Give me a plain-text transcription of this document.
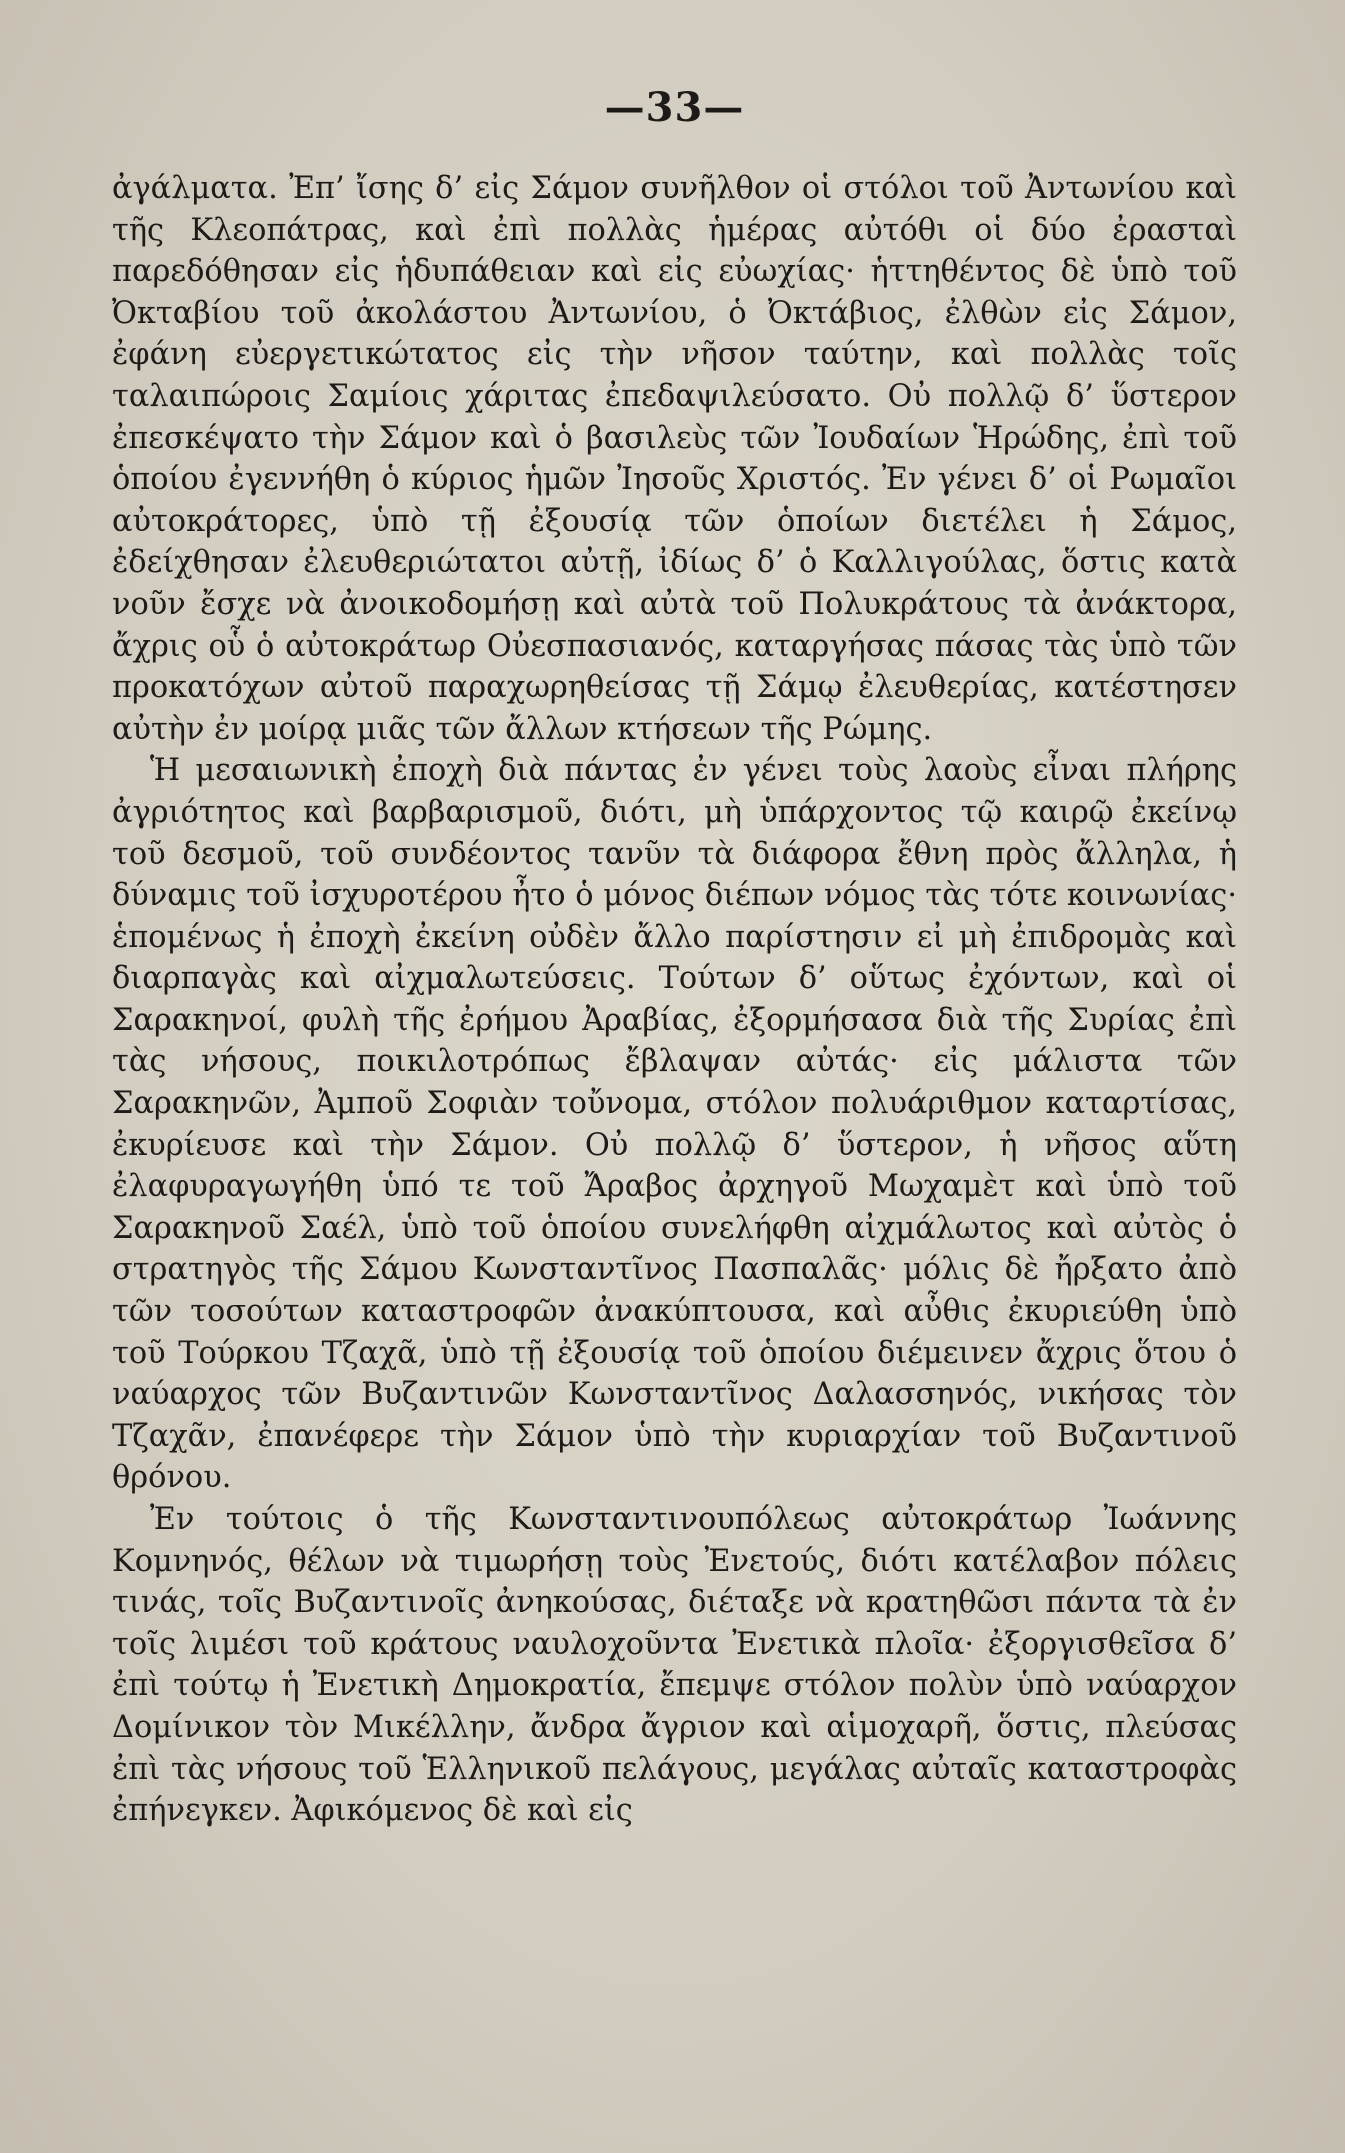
—33—

ἀγάλματα. Ἐπ’ ἴσης δ’ εἰς Σάμον συνῆλθον οἱ στόλοι τοῦ Ἀντωνίου καὶ τῆς Κλεοπάτρας, καὶ ἐπὶ πολλὰς ἡμέρας αὐτόθι οἱ δύο ἐρασταὶ παρεδόθησαν εἰς ἡδυπάθειαν καὶ εἰς εὐωχίας· ἡττηθέντος δὲ ὑπὸ τοῦ Ὀκταβίου τοῦ ἀκολάστου Ἀντωνίου, ὁ Ὀκτάβιος, ἐλθὼν εἰς Σάμον, ἐφάνη εὐεργετικώτατος εἰς τὴν νῆσον ταύτην, καὶ πολλὰς τοῖς ταλαιπώροις Σαμίοις χάριτας ἐπεδαψιλεύσατο. Οὐ πολλῷ δ’ ὕστερον ἐπεσκέψατο τὴν Σάμον καὶ ὁ βασιλεὺς τῶν Ἰουδαίων Ἡρώδης, ἐπὶ τοῦ ὁποίου ἐγεννήθη ὁ κύριος ἡμῶν Ἰησοῦς Χριστός. Ἐν γένει δ’ οἱ Ρωμαῖοι αὐτοκράτορες, ὑπὸ τῇ ἐξουσίᾳ τῶν ὁποίων διετέλει ἡ Σάμος, ἐδείχθησαν ἐλευθεριώτατοι αὐτῇ, ἰδίως δ’ ὁ Καλλιγούλας, ὅστις κατὰ νοῦν ἔσχε νὰ ἀνοικοδομήσῃ καὶ αὐτὰ τοῦ Πολυκράτους τὰ ἀνάκτορα, ἄχρις οὗ ὁ αὐτοκράτωρ Οὐεσπασιανός, καταργήσας πάσας τὰς ὑπὸ τῶν προκατόχων αὐτοῦ παραχωρηθείσας τῇ Σάμῳ ἐλευθερίας, κατέστησεν αὐτὴν ἐν μοίρᾳ μιᾶς τῶν ἄλλων κτήσεων τῆς Ρώμης.

Ἡ μεσαιωνικὴ ἐποχὴ διὰ πάντας ἐν γένει τοὺς λαοὺς εἶναι πλήρης ἀγριότητος καὶ βαρβαρισμοῦ, διότι, μὴ ὑπάρχοντος τῷ καιρῷ ἐκείνῳ τοῦ δεσμοῦ, τοῦ συνδέοντος τανῦν τὰ διάφορα ἔθνη πρὸς ἄλληλα, ἡ δύναμις τοῦ ἰσχυροτέρου ἦτο ὁ μόνος διέπων νόμος τὰς τότε κοινωνίας· ἑπομένως ἡ ἐποχὴ ἐκείνη οὐδὲν ἄλλο παρίστησιν εἰ μὴ ἐπιδρομὰς καὶ διαρπαγὰς καὶ αἰχμαλωτεύσεις. Τούτων δ’ οὕτως ἐχόντων, καὶ οἱ Σαρακηνοί, φυλὴ τῆς ἐρήμου Ἀραβίας, ἐξορμήσασα διὰ τῆς Συρίας ἐπὶ τὰς νήσους, ποικιλοτρόπως ἔβλαψαν αὐτάς· εἰς μάλιστα τῶν Σαρακηνῶν, Ἀμποῦ Σοφιὰν τοὔνομα, στόλον πολυάριθμον καταρτίσας, ἐκυρίευσε καὶ τὴν Σάμον. Οὐ πολλῷ δ’ ὕστερον, ἡ νῆσος αὕτη ἐλαφυραγωγήθη ὑπό τε τοῦ Ἄραβος ἀρχηγοῦ Μωχαμὲτ καὶ ὑπὸ τοῦ Σαρακηνοῦ Σαέλ, ὑπὸ τοῦ ὁποίου συνελήφθη αἰχμάλωτος καὶ αὐτὸς ὁ στρατηγὸς τῆς Σάμου Κωνσταντῖνος Πασπαλᾶς· μόλις δὲ ἤρξατο ἀπὸ τῶν τοσούτων καταστροφῶν ἀνακύπτουσα, καὶ αὖθις ἐκυριεύθη ὑπὸ τοῦ Τούρκου Τζαχᾶ, ὑπὸ τῇ ἐξουσίᾳ τοῦ ὁποίου διέμεινεν ἄχρις ὅτου ὁ ναύαρχος τῶν Βυζαντινῶν Κωνσταντῖνος Δαλασσηνός, νικήσας τὸν Τζαχᾶν, ἐπανέφερε τὴν Σάμον ὑπὸ τὴν κυριαρχίαν τοῦ Βυζαντινοῦ θρόνου.

Ἐν τούτοις ὁ τῆς Κωνσταντινουπόλεως αὐτοκράτωρ Ἰωάννης Κομνηνός, θέλων νὰ τιμωρήσῃ τοὺς Ἐνετούς, διότι κατέλαβον πόλεις τινάς, τοῖς Βυζαντινοῖς ἀνηκούσας, διέταξε νὰ κρατηθῶσι πάντα τὰ ἐν τοῖς λιμέσι τοῦ κράτους ναυλοχοῦντα Ἐνετικὰ πλοῖα· ἐξοργισθεῖσα δ’ ἐπὶ τούτῳ ἡ Ἐνετικὴ Δημοκρατία, ἔπεμψε στόλον πολὺν ὑπὸ ναύαρχον Δομίνικον τὸν Μικέλλην, ἄνδρα ἄγριον καὶ αἱμοχαρῆ, ὅστις, πλεύσας ἐπὶ τὰς νήσους τοῦ Ἑλληνικοῦ πελάγους, μεγάλας αὐταῖς καταστροφὰς ἐπήνεγκεν. Ἀφικόμενος δὲ καὶ εἰς
